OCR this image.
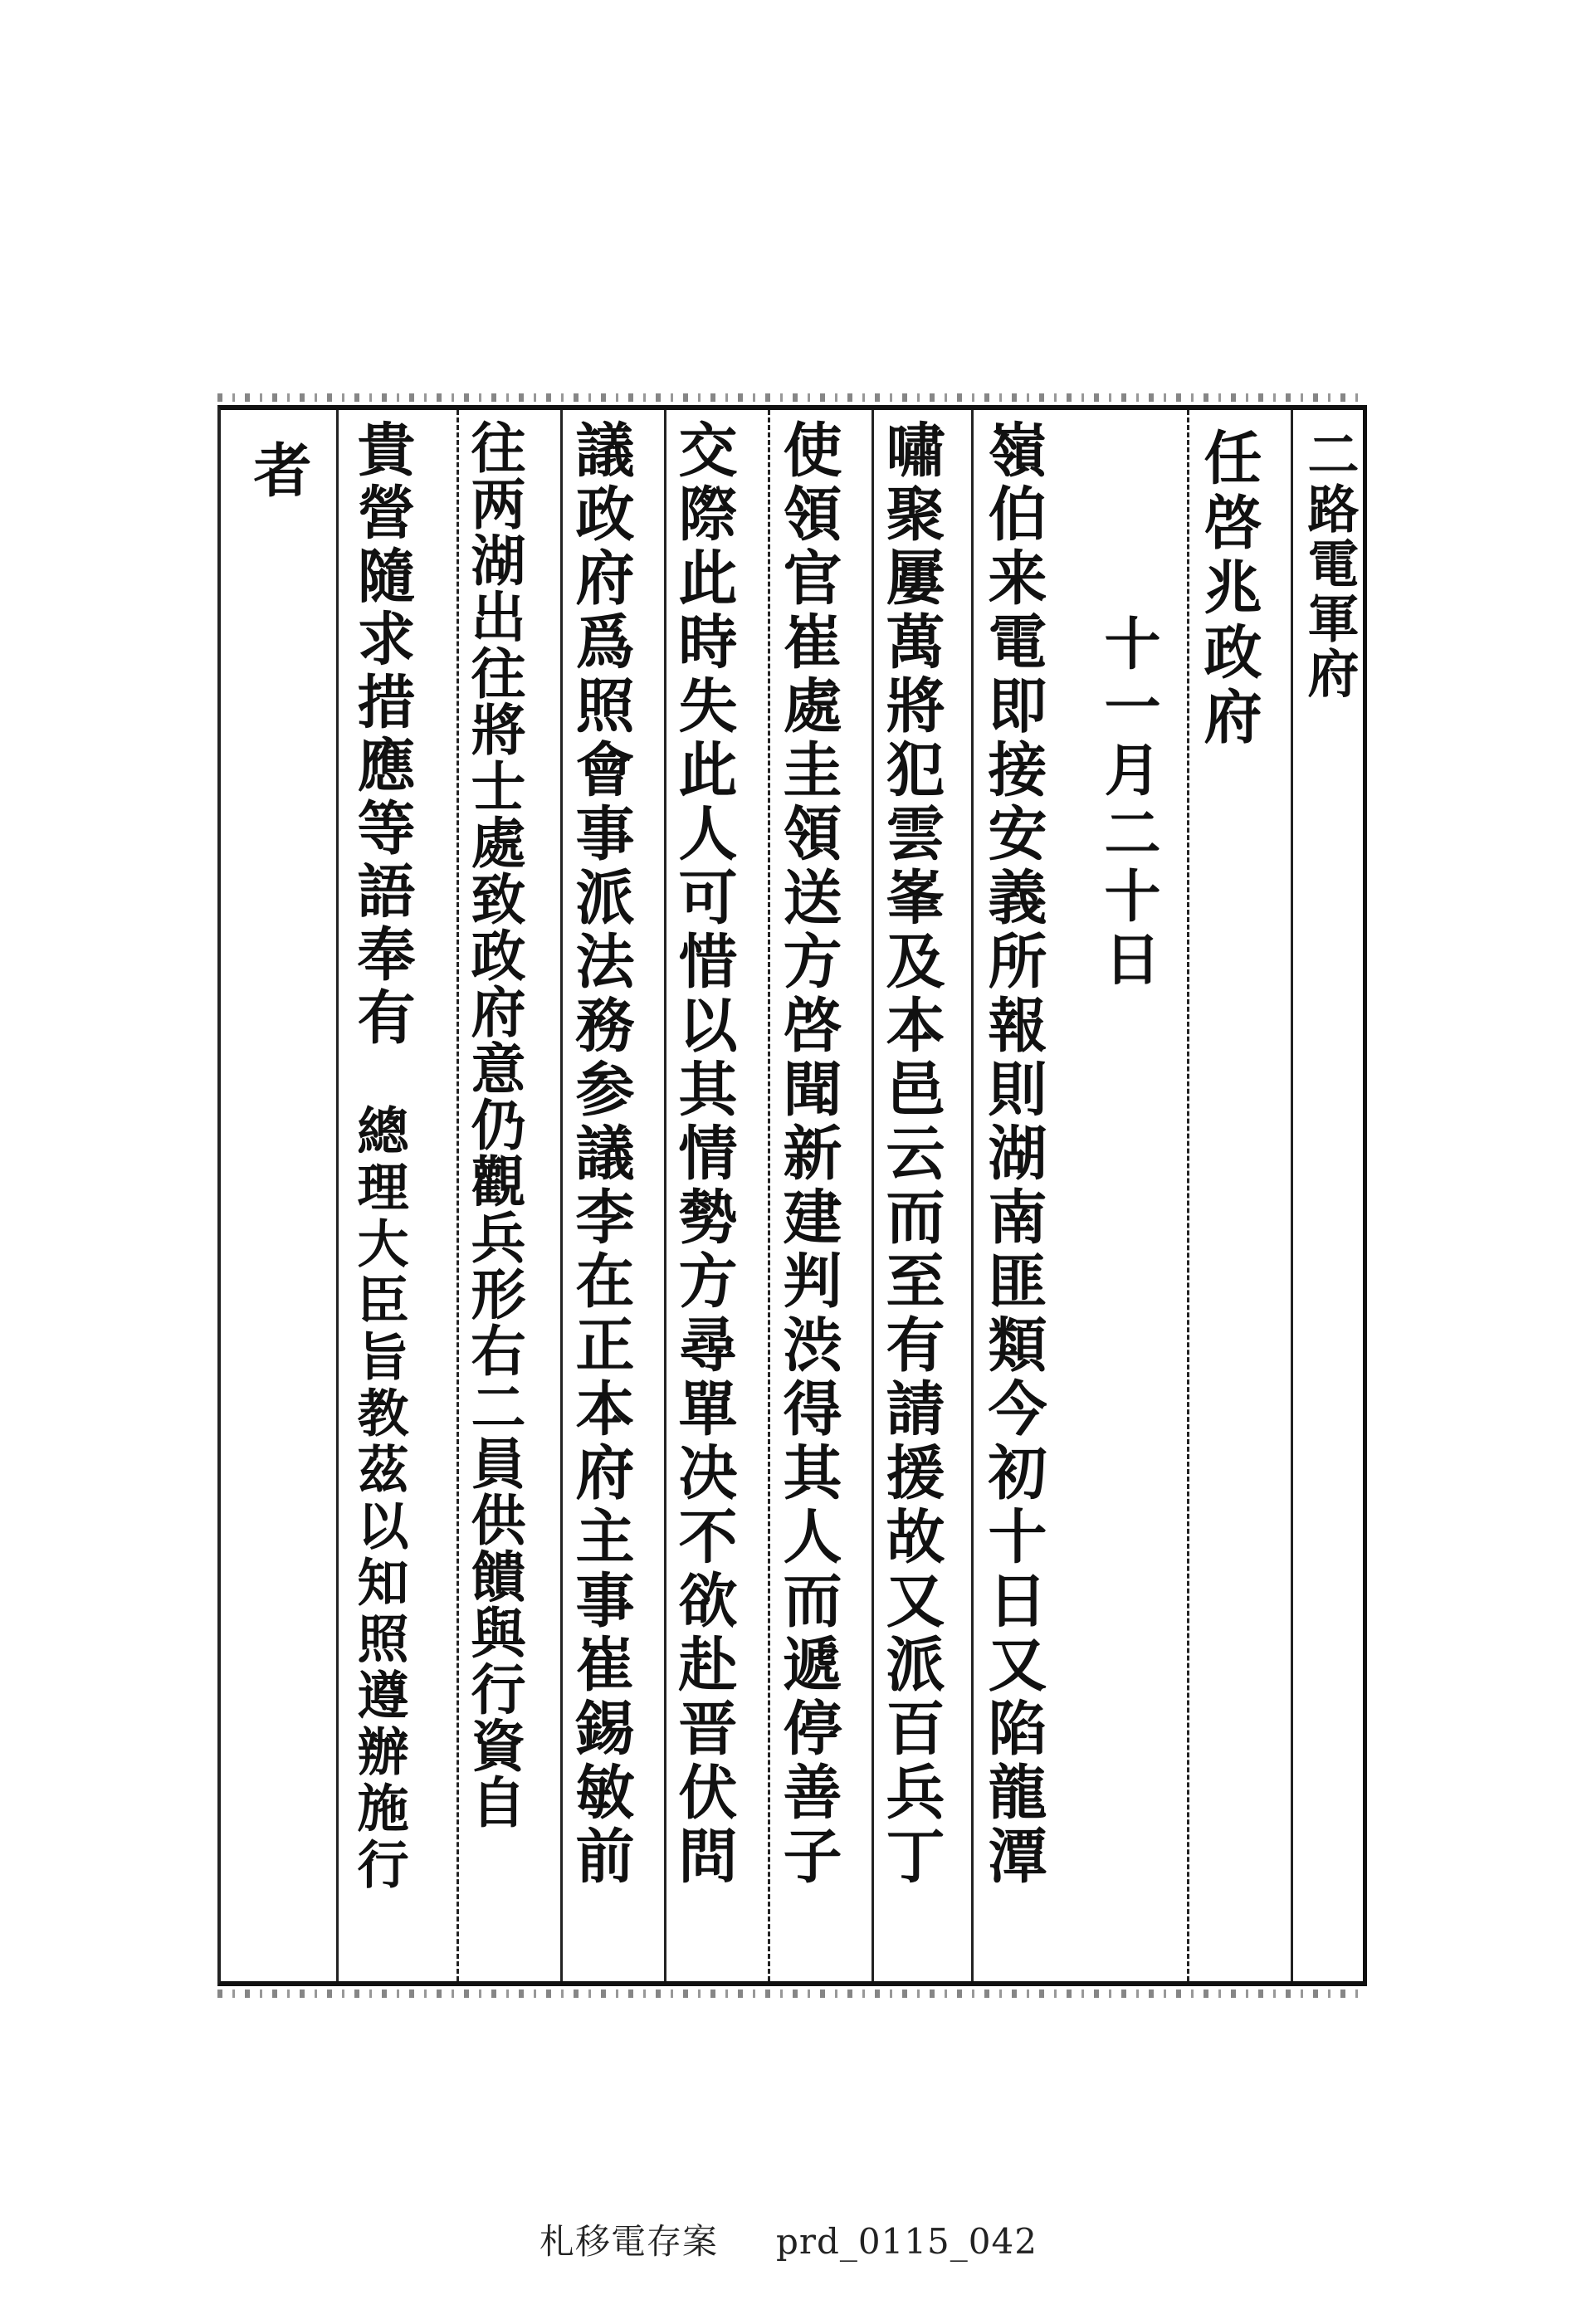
二路電軍府
任啓兆政府
十一月二十日
嶺伯来電即接安義所報則湖南匪類今初十日又陷龍潭
嘯聚屢萬將犯雲峯及本邑云而至有請援故又派百兵丁
使領官崔處圭領送方啓聞新建判渋得其人而遞停善子
交際此時失此人可惜以其情勢方尋單决不欲赴晋伏問
議政府爲照會事派法務参議李在正本府主事崔錫敏前
往两湖出往將士處致政府意仍觀兵形右二員供饋與行資自
貴營隨求措應等語奉有
總理大臣旨教茲以知照遵辦施行
者
札移電存案 prd_0115_042
